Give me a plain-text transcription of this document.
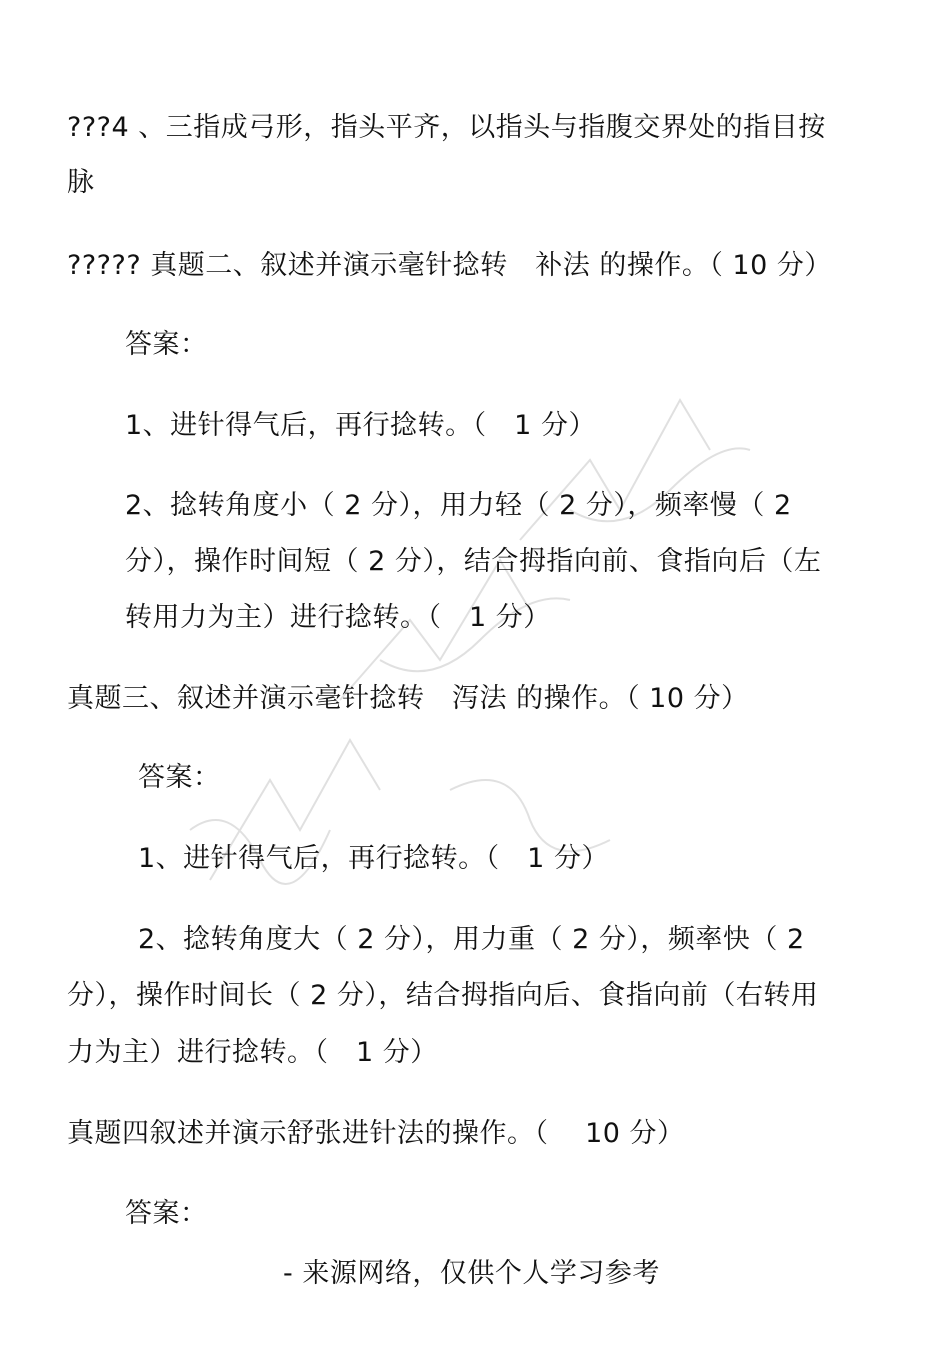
???4 、三指成弓形，指头平齐，以指头与指腹交界处的指目按
脉
????? 真题二、叙述并演示毫针捻转　补法 的操作。（ 10 分）
答案：
1、进针得气后，再行捻转。（　1 分）
2、捻转角度小（ 2 分），用力轻（ 2 分），频率慢（ 2
分），操作时间短（ 2 分），结合拇指向前、食指向后（左
转用力为主）进行捻转。（　1 分）
真题三、叙述并演示毫针捻转　泻法 的操作。（ 10 分）
答案：
1、进针得气后，再行捻转。（　1 分）
2、捻转角度大（ 2 分），用力重（ 2 分），频率快（ 2
分），操作时间长（ 2 分），结合拇指向后、食指向前（右转用
力为主）进行捻转。（　1 分）
真题四叙述并演示舒张进针法的操作。（　 10 分）
答案：
- 来源网络，仅供个人学习参考
